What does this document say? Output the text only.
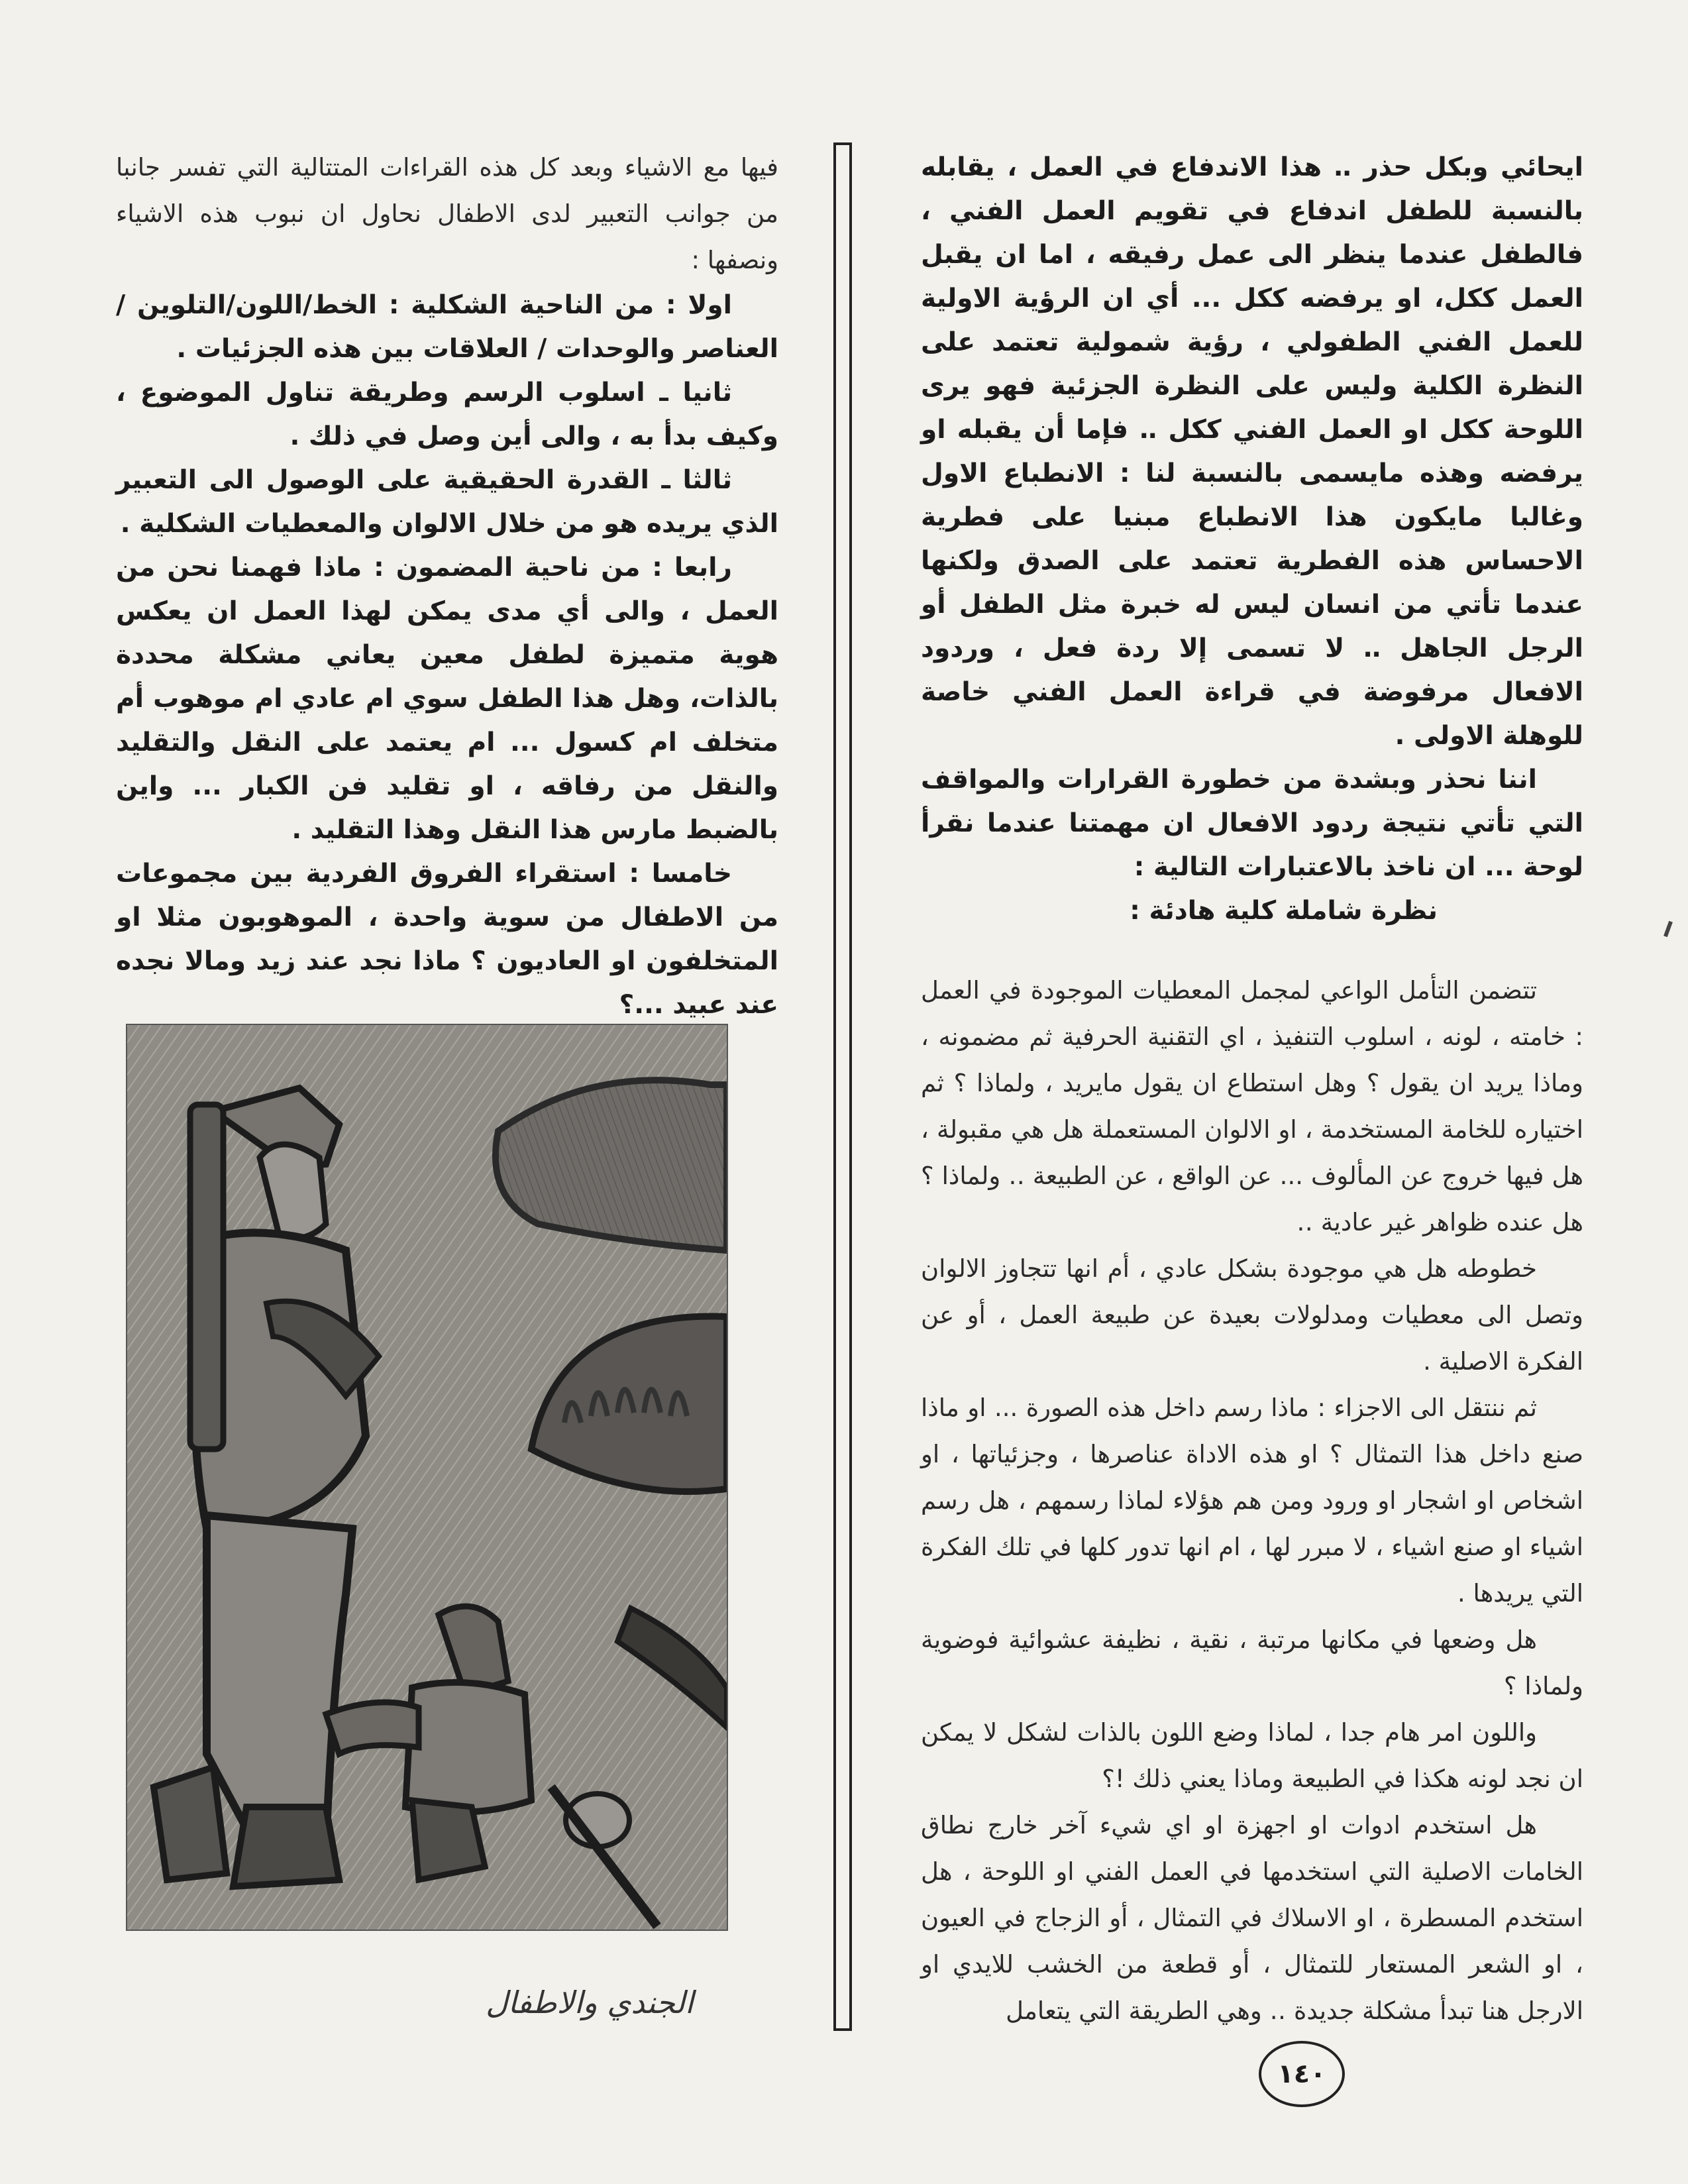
ايحائي وبكل حذر ‥ هذا الاندفاع في العمل ، يقابله بالنسبة للطفل اندفاع في تقويم العمل الفني ، فالطفل عندما ينظر الى عمل رفيقه ، اما ان يقبل العمل ككل، او يرفضه ككل ... أي ان الرؤية الاولية للعمل الفني الطفولي ، رؤية شمولية تعتمد على النظرة الكلية وليس على النظرة الجزئية فهو يرى اللوحة ككل او العمل الفني ككل ‥ فإما أن يقبله او يرفضه وهذه مايسمى بالنسبة لنا : الانطباع الاول وغالبا مايكون هذا الانطباع مبنيا على فطرية الاحساس هذه الفطرية تعتمد على الصدق ولكنها عندما تأتي من انسان ليس له خبرة مثل الطفل أو الرجل الجاهل ‥ لا تسمى إلا ردة فعل ، وردود الافعال مرفوضة في قراءة العمل الفني خاصة للوهلة الاولى .

اننا نحذر وبشدة من خطورة القرارات والمواقف التي تأتي نتيجة ردود الافعال ان مهمتنا عندما نقرأ لوحة ... ان ناخذ بالاعتبارات التالية :

نظرة شاملة كلية هادئة :

تتضمن التأمل الواعي لمجمل المعطيات الموجودة في العمل : خامته ، لونه ، اسلوب التنفيذ ، اي التقنية الحرفية ثم مضمونه ، وماذا يريد ان يقول ؟ وهل استطاع ان يقول مايريد ، ولماذا ؟ ثم اختياره للخامة المستخدمة ، او الالوان المستعملة هل هي مقبولة ، هل فيها خروج عن المألوف ... عن الواقع ، عن الطبيعة ‥ ولماذا ؟ هل عنده ظواهر غير عادية ‥

خطوطه هل هي موجودة بشكل عادي ، أم انها تتجاوز الالوان وتصل الى معطيات ومدلولات بعيدة عن طبيعة العمل ، أو عن الفكرة الاصلية .

ثم ننتقل الى الاجزاء : ماذا رسم داخل هذه الصورة ... او ماذا صنع داخل هذا التمثال ؟ او هذه الاداة عناصرها ، وجزئياتها ، او اشخاص او اشجار او ورود ومن هم هؤلاء لماذا رسمهم ، هل رسم اشياء او صنع اشياء ، لا مبرر لها ، ام انها تدور كلها في تلك الفكرة التي يريدها .

هل وضعها في مكانها مرتبة ، نقية ، نظيفة عشوائية فوضوية ولماذا ؟

واللون امر هام جدا ، لماذا وضع اللون بالذات لشكل لا يمكن ان نجد لونه هكذا في الطبيعة وماذا يعني ذلك !؟

هل استخدم ادوات او اجهزة او اي شيء آخر خارج نطاق الخامات الاصلية التي استخدمها في العمل الفني او اللوحة ، هل استخدم المسطرة ، او الاسلاك في التمثال ، أو الزجاج في العيون ، او الشعر المستعار للتمثال ، أو قطعة من الخشب للايدي او الارجل هنا تبدأ مشكلة جديدة ‥ وهي الطريقة التي يتعامل

فيها مع الاشياء وبعد كل هذه القراءات المتتالية التي تفسر جانبا من جوانب التعبير لدى الاطفال نحاول ان نبوب هذه الاشياء ونصفها :

اولا : من الناحية الشكلية : الخط/اللون/التلوين / العناصر والوحدات / العلاقات بين هذه الجزئيات .

ثانيا ـ اسلوب الرسم وطريقة تناول الموضوع ، وكيف بدأ به ، والى أين وصل في ذلك .

ثالثا ـ القدرة الحقيقية على الوصول الى التعبير الذي يريده هو من خلال الالوان والمعطيات الشكلية .

رابعا : من ناحية المضمون : ماذا فهمنا نحن من العمل ، والى أي مدى يمكن لهذا العمل ان يعكس هوية متميزة لطفل معين يعاني مشكلة محددة بالذات، وهل هذا الطفل سوي ام عادي ام موهوب أم متخلف ام كسول ... ام يعتمد على النقل والتقليد والنقل من رفاقه ، او تقليد فن الكبار ... واين بالضبط مارس هذا النقل وهذا التقليد .

خامسا : استقراء الفروق الفردية بين مجموعات من الاطفال من سوية واحدة ، الموهوبون مثلا او المتخلفون او العاديون ؟ ماذا نجد عند زيد ومالا نجده عند عبيد ...؟

الجندي والاطفال
١٤٠
